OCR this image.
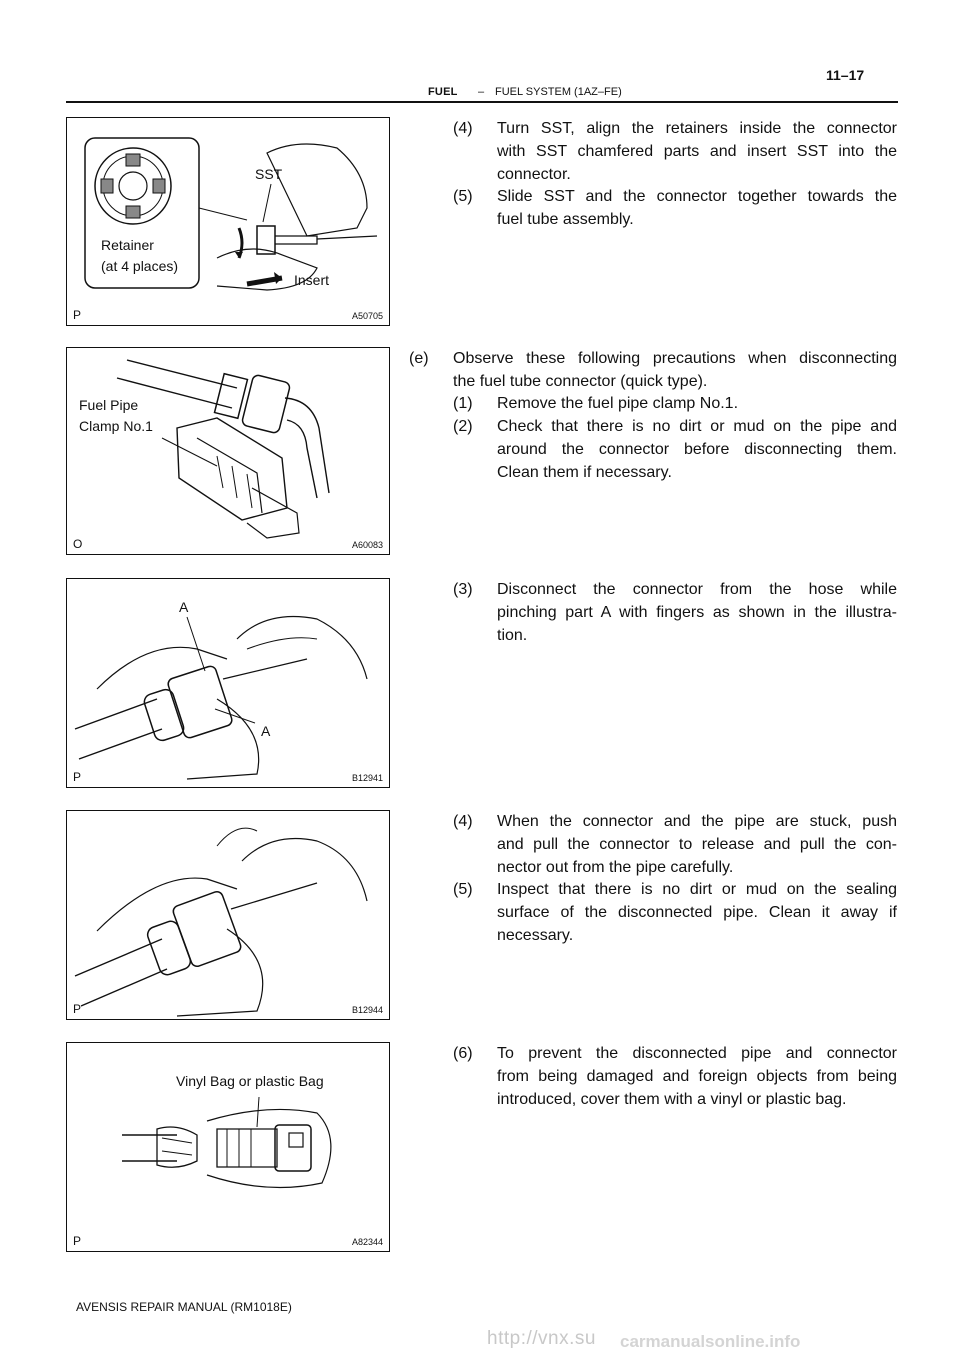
FUEL – FUEL SYSTEM (1AZ–FE)
11–17
SST
Retainer
(at 4 places)
Insert
P	A50705
Fuel Pipe
Clamp No.1
O	A60083
A
A
P	B12941
P	B12944
Vinyl Bag or plastic Bag
P	A82344
(4) Turn SST, align the retainers inside the connector
with SST chamfered parts and insert SST into the
connector.
(5) Slide SST and the connector together towards the
fuel tube assembly.
(e) Observe these following precautions when disconnecting
the fuel tube connector (quick type).
(1) Remove the fuel pipe clamp No.1.
(2) Check that there is no dirt or mud on the pipe and
around the connector before disconnecting them.
Clean them if necessary.
(3) Disconnect the connector from the hose while
pinching part A with fingers as shown in the illustra-
tion.
(4) When the connector and the pipe are stuck, push
and pull the connector to release and pull the con-
nector out from the pipe carefully.
(5) Inspect that there is no dirt or mud on the sealing
surface of the disconnected pipe. Clean it away if
necessary.
(6) To prevent the disconnected pipe and connector
from being damaged and foreign objects from being
introduced, cover them with a vinyl or plastic bag.
AVENSIS REPAIR MANUAL (RM1018E)
http://vnx.su carmanualsonline.info
